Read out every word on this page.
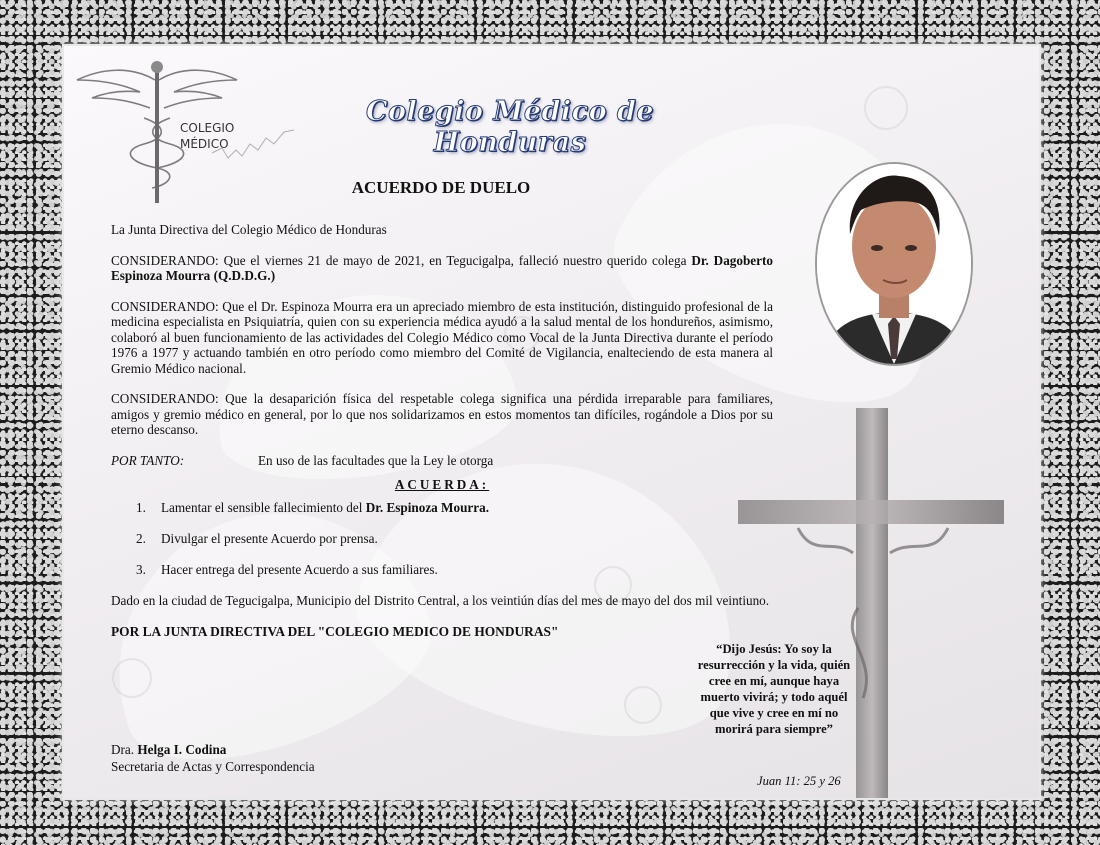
COLEGIO
MÉDICO
Colegio Médico de Honduras
ACUERDO DE DUELO

La Junta Directiva del Colegio Médico de Honduras

CONSIDERANDO: Que el viernes 21 de mayo de 2021, en Tegucigalpa, falleció nuestro querido colega Dr. Dagoberto Espinoza Mourra (Q.D.D.G.)

CONSIDERANDO: Que el Dr. Espinoza Mourra era un apreciado miembro de esta institución, distinguido profesional de la medicina especialista en Psiquiatría, quien con su experiencia médica ayudó a la salud mental de los hondureños, asimismo, colaboró al buen funcionamiento de las actividades del Colegio Médico como Vocal de la Junta Directiva durante el período 1976 a 1977 y actuando también en otro período como miembro del Comité de Vigilancia, enalteciendo de esta manera al Gremio Médico nacional.

CONSIDERANDO: Que la desaparición física del respetable colega significa una pérdida irreparable para familiares, amigos y gremio médico en general, por lo que nos solidarizamos en estos momentos tan difíciles, rogándole a Dios por su eterno descanso.

POR TANTO:	En uso de las facultades que la Ley le otorga
ACUERDA:
1. Lamentar el sensible fallecimiento del Dr. Espinoza Mourra.
2. Divulgar el presente Acuerdo por prensa.
3. Hacer entrega del presente Acuerdo a sus familiares.

Dado en la ciudad de Tegucigalpa, Municipio del Distrito Central, a los veintiún días del mes de mayo del dos mil veintiuno.

POR LA JUNTA DIRECTIVA DEL "COLEGIO MEDICO DE HONDURAS"

Dra. Helga I. Codina
Secretaria de Actas y Correspondencia
“Dijo Jesús: Yo soy la resurrección y la vida, quién cree en mí, aunque haya muerto vivirá; y todo aquél que vive y cree en mí no morirá para siempre”
Juan 11: 25 y 26
